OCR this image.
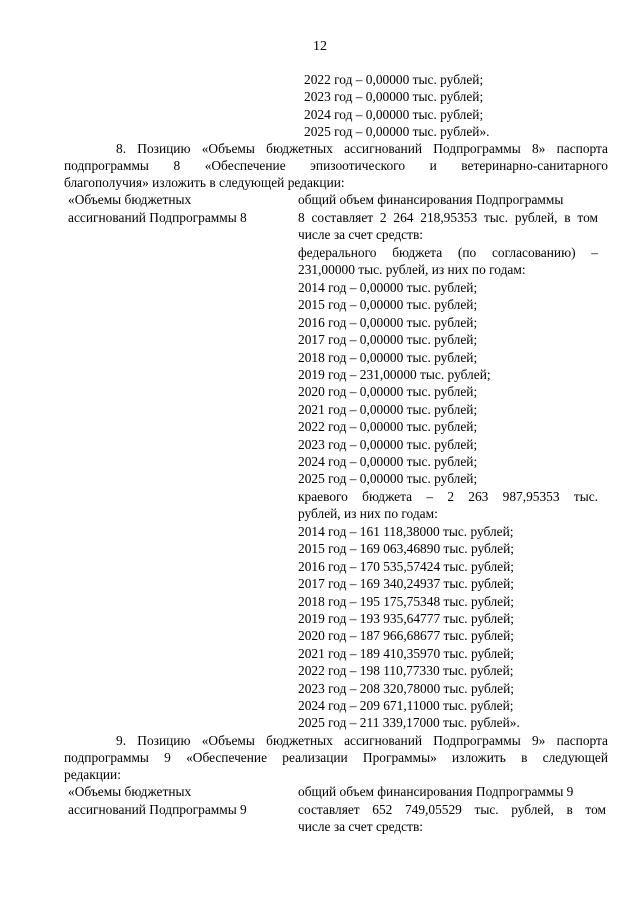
12
2022 год – 0,00000 тыс. рублей;
2023 год – 0,00000 тыс. рублей;
2024 год – 0,00000 тыс. рублей;
2025 год – 0,00000 тыс. рублей».
8. Позицию «Объемы бюджетных ассигнований Подпрограммы 8» паспорта
подпрограммы 8 «Обеспечение эпизоотического и ветеринарно-санитарного
благополучия» изложить в следующей редакции:
«Объемы бюджетных
ассигнований Подпрограммы 8
общий объем финансирования Подпрограммы
8 составляет 2 264 218,95353 тыс. рублей, в том
числе за счет средств:
федерального бюджета (по согласованию) –
231,00000 тыс. рублей, из них по годам:
2014 год – 0,00000 тыс. рублей;
2015 год – 0,00000 тыс. рублей;
2016 год – 0,00000 тыс. рублей;
2017 год – 0,00000 тыс. рублей;
2018 год – 0,00000 тыс. рублей;
2019 год – 231,00000 тыс. рублей;
2020 год – 0,00000 тыс. рублей;
2021 год – 0,00000 тыс. рублей;
2022 год – 0,00000 тыс. рублей;
2023 год – 0,00000 тыс. рублей;
2024 год – 0,00000 тыс. рублей;
2025 год – 0,00000 тыс. рублей;
краевого бюджета – 2 263 987,95353 тыс.
рублей, из них по годам:
2014 год – 161 118,38000 тыс. рублей;
2015 год – 169 063,46890 тыс. рублей;
2016 год – 170 535,57424 тыс. рублей;
2017 год – 169 340,24937 тыс. рублей;
2018 год – 195 175,75348 тыс. рублей;
2019 год – 193 935,64777 тыс. рублей;
2020 год – 187 966,68677 тыс. рублей;
2021 год – 189 410,35970 тыс. рублей;
2022 год – 198 110,77330 тыс. рублей;
2023 год – 208 320,78000 тыс. рублей;
2024 год – 209 671,11000 тыс. рублей;
2025 год – 211 339,17000 тыс. рублей».
9. Позицию «Объемы бюджетных ассигнований Подпрограммы 9» паспорта
подпрограммы 9 «Обеспечение реализации Программы» изложить в следующей
редакции:
«Объемы бюджетных
ассигнований Подпрограммы 9
общий объем финансирования Подпрограммы 9
составляет 652 749,05529 тыс. рублей, в том
числе за счет средств:
